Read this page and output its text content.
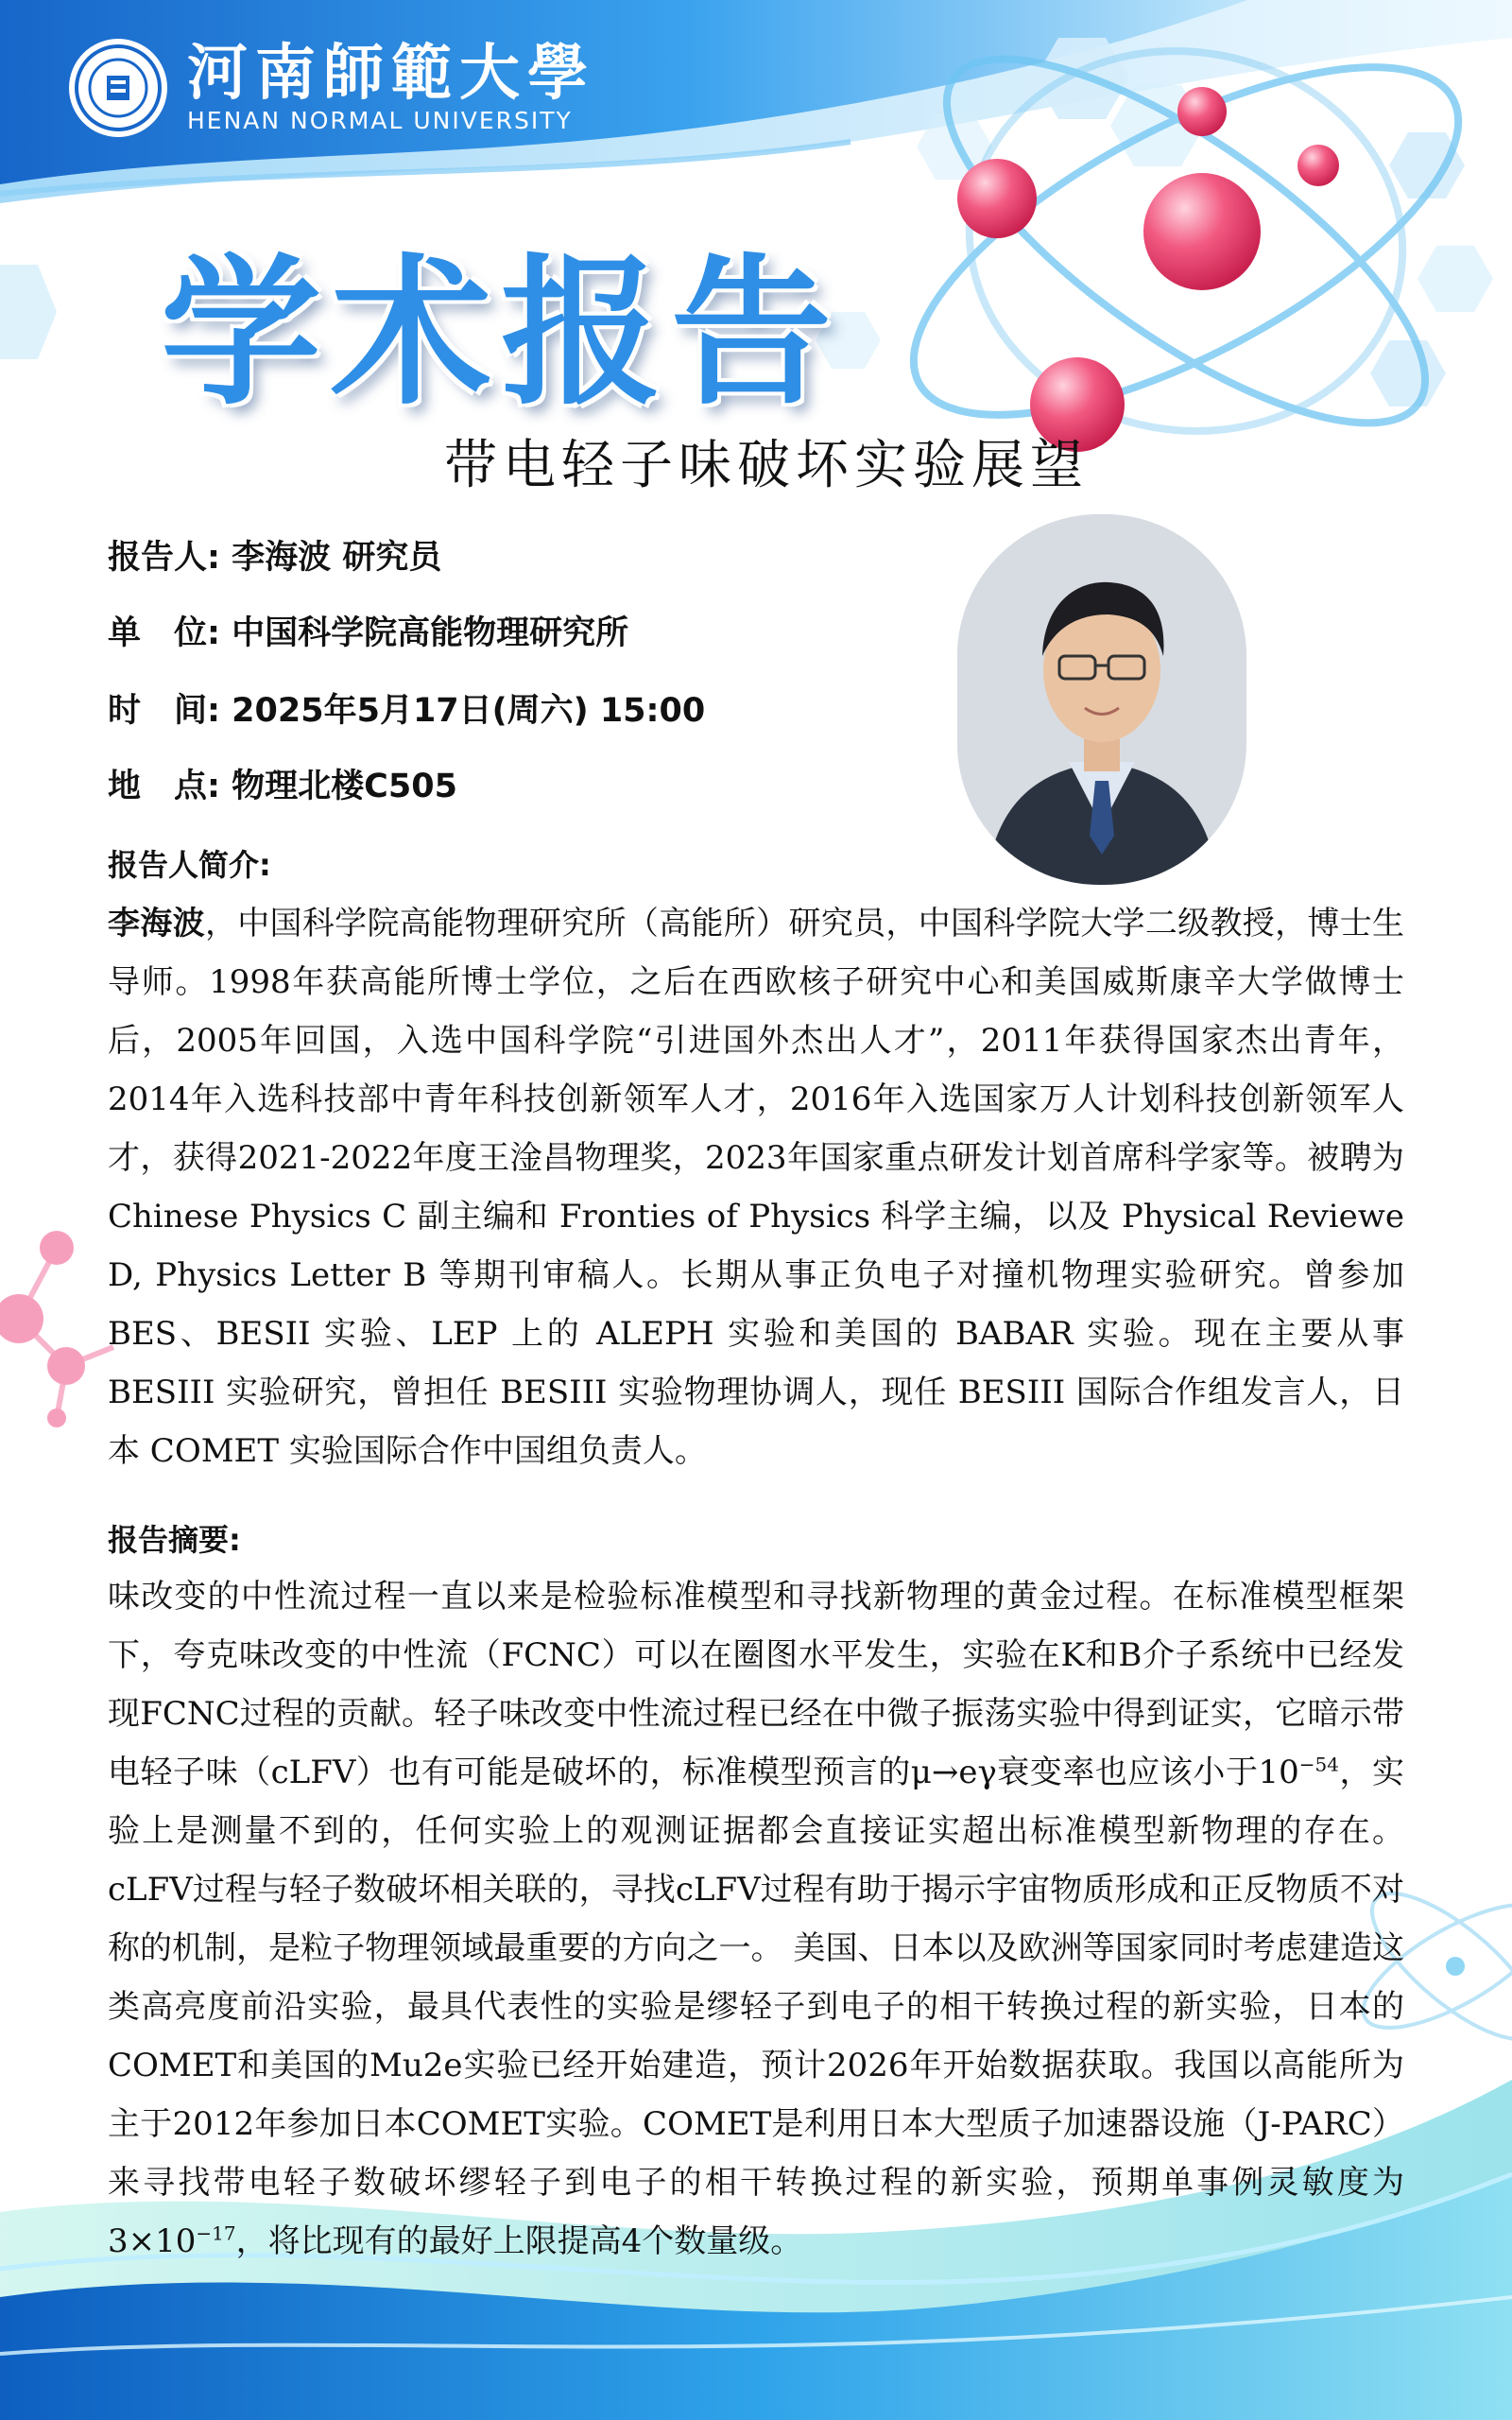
河南師範大學
HENAN NORMAL UNIVERSITY
学术报告
带电轻子味破坏实验展望
报告人: 李海波 研究员
单　位: 中国科学院高能物理研究所
时　间: 2025年5月17日(周六) 15:00
地　点: 物理北楼C505
报告人简介:
李海波，中国科学院高能物理研究所（高能所）研究员，中国科学院大学二级教授，博士生导师。1998年获高能所博士学位，之后在西欧核子研究中心和美国威斯康辛大学做博士后，2005年回国，入选中国科学院“引进国外杰出人才”，2011年获得国家杰出青年，2014年入选科技部中青年科技创新领军人才，2016年入选国家万人计划科技创新领军人才，获得2021-2022年度王淦昌物理奖，2023年国家重点研发计划首席科学家等。被聘为 Chinese Physics C 副主编和 Fronties of Physics 科学主编，以及 Physical Reviewe D, Physics Letter B 等期刊审稿人。长期从事正负电子对撞机物理实验研究。曾参加 BES、BESII 实验、LEP 上的 ALEPH 实验和美国的 BABAR 实验。现在主要从事 BESIII 实验研究，曾担任 BESIII 实验物理协调人，现任 BESIII 国际合作组发言人，日本 COMET 实验国际合作中国组负责人。
报告摘要:
味改变的中性流过程一直以来是检验标准模型和寻找新物理的黄金过程。在标准模型框架下，夸克味改变的中性流（FCNC）可以在圈图水平发生，实验在K和B介子系统中已经发现FCNC过程的贡献。轻子味改变中性流过程已经在中微子振荡实验中得到证实，它暗示带电轻子味（cLFV）也有可能是破坏的，标准模型预言的μ→eγ衰变率也应该小于$10^{-54}$，实验上是测量不到的，任何实验上的观测证据都会直接证实超出标准模型新物理的存在。cLFV过程与轻子数破坏相关联的，寻找cLFV过程有助于揭示宇宙物质形成和正反物质不对称的机制，是粒子物理领域最重要的方向之一。 美国、日本以及欧洲等国家同时考虑建造这类高亮度前沿实验，最具代表性的实验是缪轻子到电子的相干转换过程的新实验，日本的COMET和美国的Mu2e实验已经开始建造，预计2026年开始数据获取。我国以高能所为主于2012年参加日本COMET实验。COMET是利用日本大型质子加速器设施（J-PARC）来寻找带电轻子数破坏缪轻子到电子的相干转换过程的新实验，预期单事例灵敏度为$3\times 10^{-17}$，将比现有的最好上限提高4个数量级。
